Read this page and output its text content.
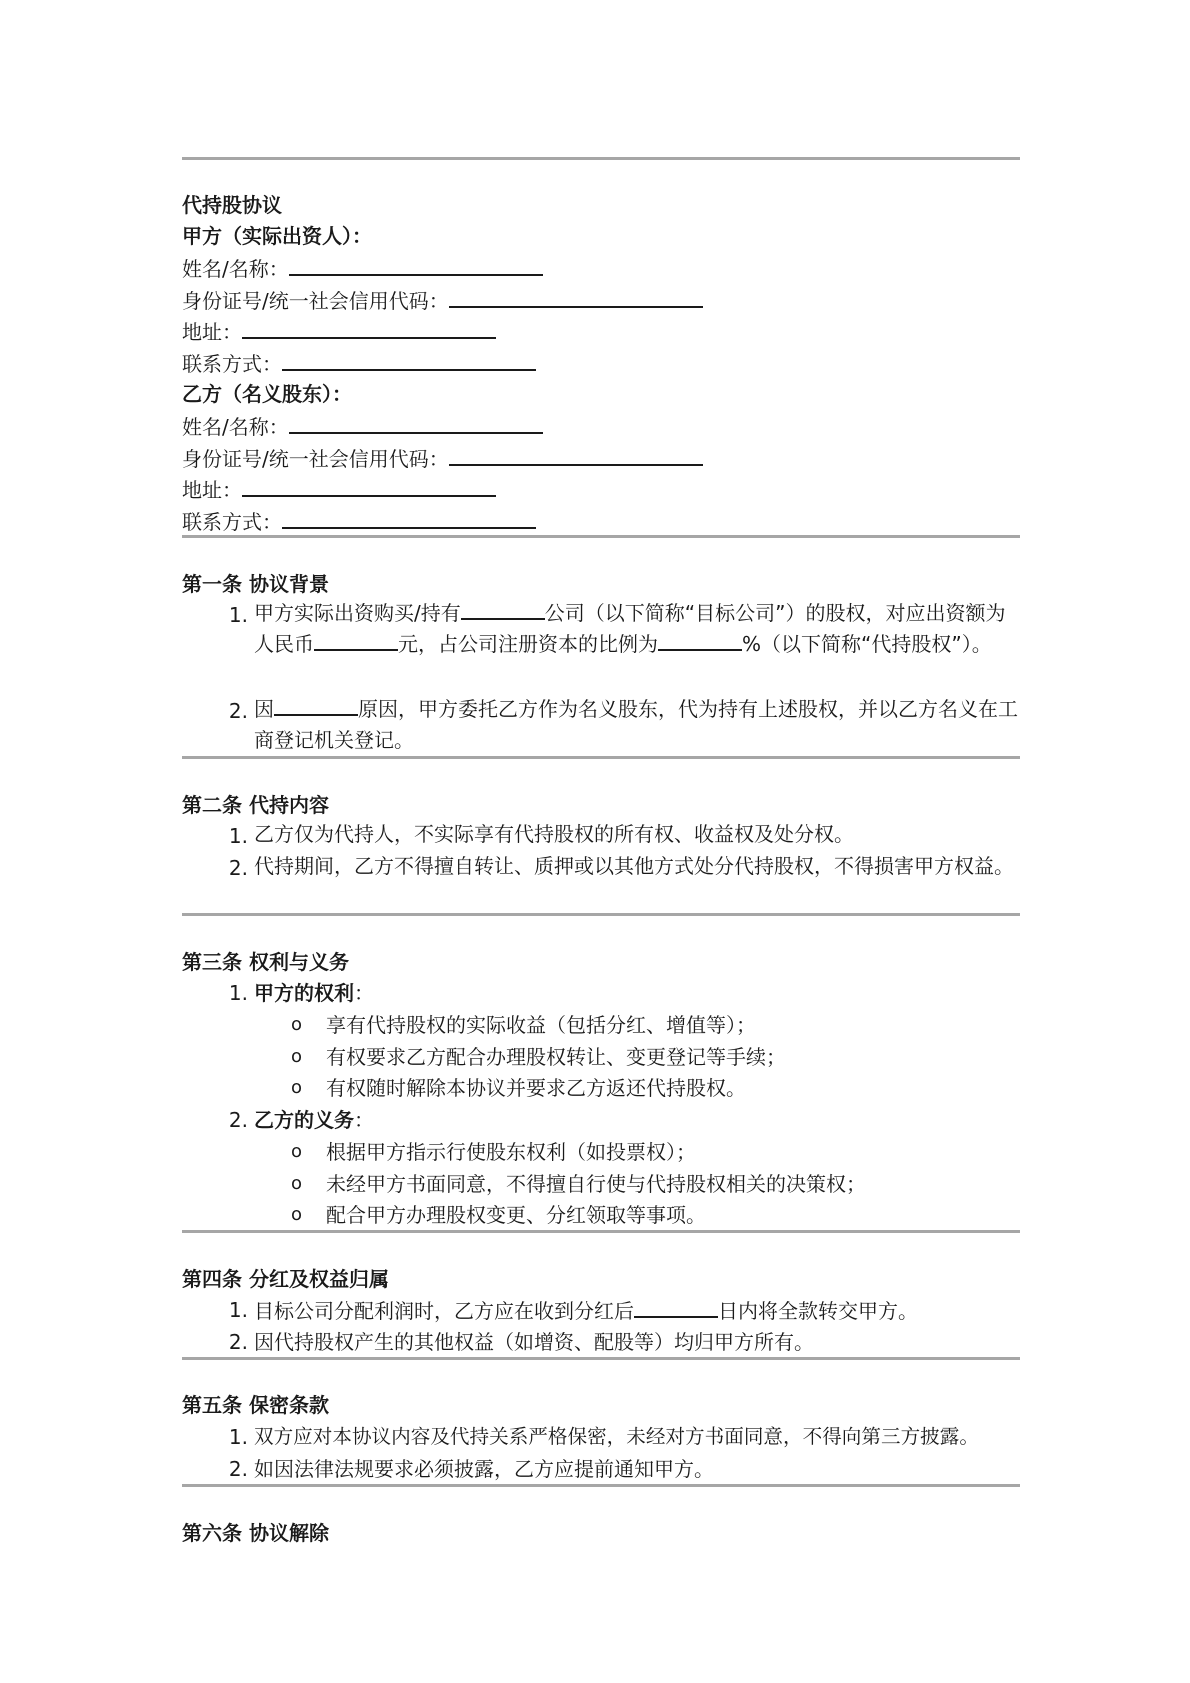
代持股协议
甲方（实际出资人）：
姓名/名称：
身份证号/统一社会信用代码：
地址：
联系方式：
乙方（名义股东）：
姓名/名称：
身份证号/统一社会信用代码：
地址：
联系方式：
第一条 协议背景
1. 甲方实际出资购买/持有	公司（以下简称“目标公司”）的股权，对应出资额为人民币	元，占公司注册资本的比例为	%（以下简称“代持股权”）。
2. 因	原因，甲方委托乙方作为名义股东，代为持有上述股权，并以乙方名义在工商登记机关登记。
第二条 代持内容
1. 乙方仅为代持人，不实际享有代持股权的所有权、收益权及处分权。
2. 代持期间，乙方不得擅自转让、质押或以其他方式处分代持股权，不得损害甲方权益。
第三条 权利与义务
1. 甲方的权利：
o 享有代持股权的实际收益（包括分红、增值等）；
o 有权要求乙方配合办理股权转让、变更登记等手续；
o 有权随时解除本协议并要求乙方返还代持股权。
2. 乙方的义务：
o 根据甲方指示行使股东权利（如投票权）；
o 未经甲方书面同意，不得擅自行使与代持股权相关的决策权；
o 配合甲方办理股权变更、分红领取等事项。
第四条 分红及权益归属
1. 目标公司分配利润时，乙方应在收到分红后	日内将全款转交甲方。
2. 因代持股权产生的其他权益（如增资、配股等）均归甲方所有。
第五条 保密条款
1. 双方应对本协议内容及代持关系严格保密，未经对方书面同意，不得向第三方披露。
2. 如因法律法规要求必须披露，乙方应提前通知甲方。
第六条 协议解除
